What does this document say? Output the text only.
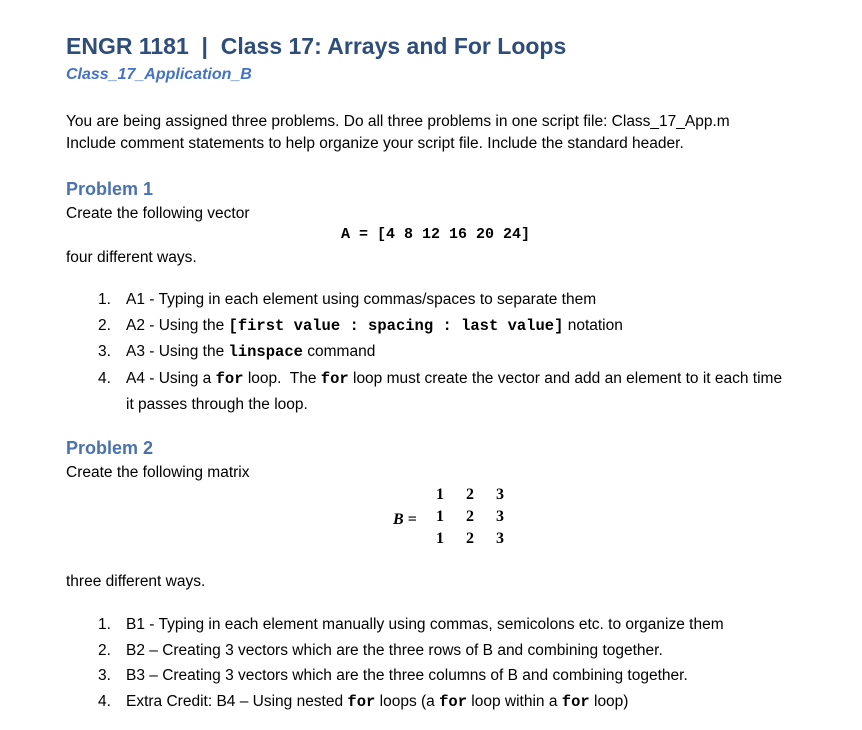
ENGR 1181  |  Class 17: Arrays and For Loops
Class_17_Application_B
You are being assigned three problems. Do all three problems in one script file: Class_17_App.m
Include comment statements to help organize your script file. Include the standard header.
Problem 1
Create the following vector
A = [4 8 12 16 20 24]
four different ways.
1. A1 - Typing in each element using commas/spaces to separate them
2. A2 - Using the [first value : spacing : last value] notation
3. A3 - Using the linspace command
4. A4 - Using a for loop.  The for loop must create the vector and add an element to it each time
it passes through the loop.
Problem 2
Create the following matrix
B =
1 2 3
1 2 3
1 2 3
three different ways.
1. B1 - Typing in each element manually using commas, semicolons etc. to organize them
2. B2 – Creating 3 vectors which are the three rows of B and combining together.
3. B3 – Creating 3 vectors which are the three columns of B and combining together.
4. Extra Credit: B4 – Using nested for loops (a for loop within a for loop)
